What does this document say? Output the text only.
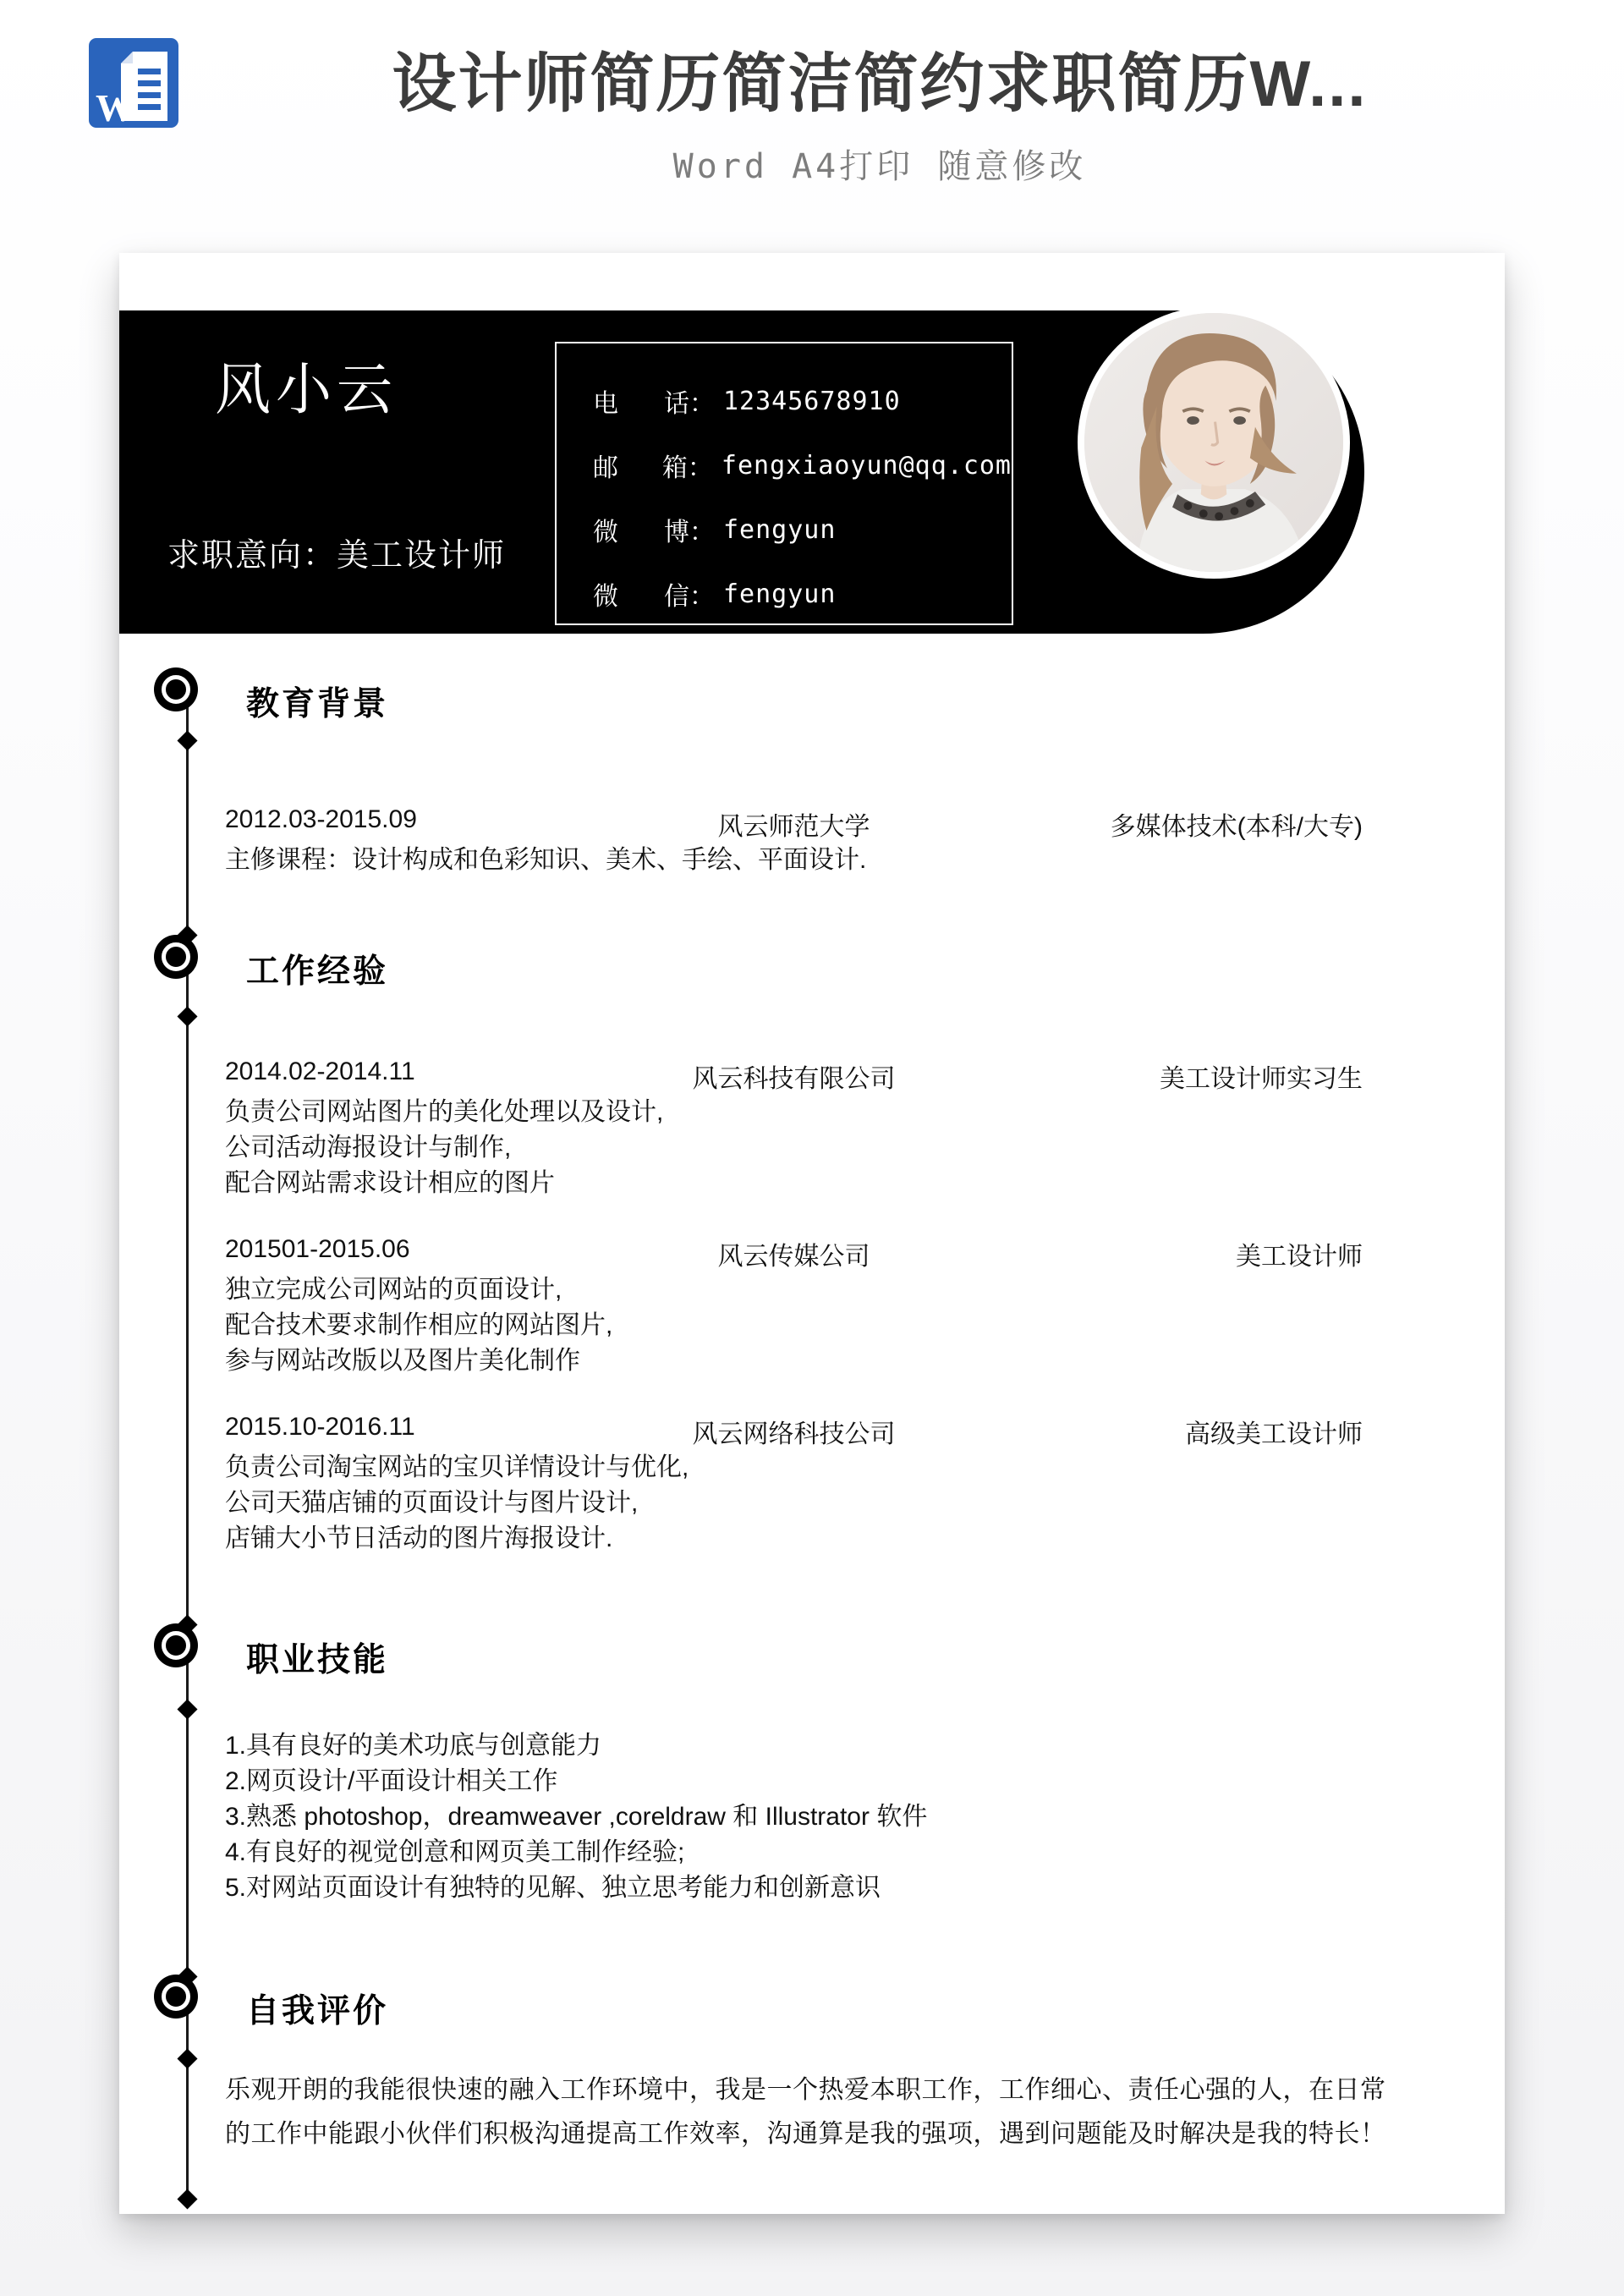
W	设计师简历简洁简约求职简历W...
Word A4打印 随意修改
风小云
求职意向：美工设计师
电 话 ： 12345678910
邮 箱 ： fengxiaoyun@qq.com
微 博 ： fengyun
微 信 ： fengyun
教育背景
2012.03-2015.09	风云师范大学	多媒体技术(本科/大专)
主修课程：设计构成和色彩知识、美术、手绘、平面设计.
工作经验
2014.02-2014.11	风云科技有限公司	美工设计师实习生
负责公司网站图片的美化处理以及设计,
公司活动海报设计与制作,
配合网站需求设计相应的图片
201501-2015.06	风云传媒公司	美工设计师
独立完成公司网站的页面设计,
配合技术要求制作相应的网站图片,
参与网站改版以及图片美化制作
2015.10-2016.11	风云网络科技公司	高级美工设计师
负责公司淘宝网站的宝贝详情设计与优化,
公司天猫店铺的页面设计与图片设计,
店铺大小节日活动的图片海报设计.
职业技能
1.具有良好的美术功底与创意能力
2.网页设计/平面设计相关工作
3.熟悉 photoshop，dreamweaver ,coreldraw 和 Illustrator 软件
4.有良好的视觉创意和网页美工制作经验;
5.对网站页面设计有独特的见解、独立思考能力和创新意识
自我评价
乐观开朗的我能很快速的融入工作环境中，我是一个热爱本职工作，工作细心、责任心强的人，在日常的工作中能跟小伙伴们积极沟通提高工作效率，沟通算是我的强项，遇到问题能及时解决是我的特长！
